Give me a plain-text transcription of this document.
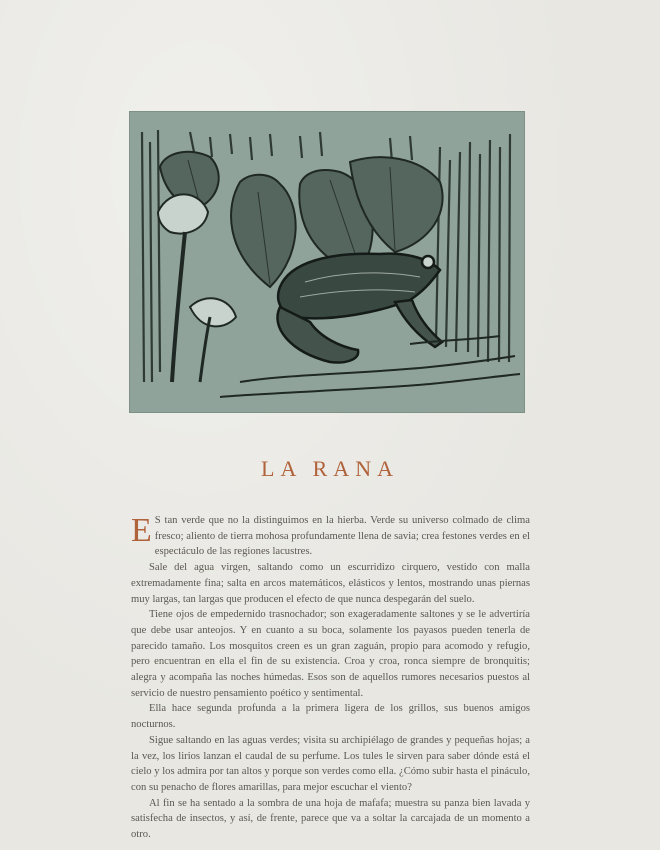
LA RANA

E S tan verde que no la distinguimos en la hierba. Verde su universo colmado de clima fresco; aliento de tierra mohosa profundamente llena de savia; crea festones verdes en el espectáculo de las regiones lacustres.

Sale del agua virgen, saltando como un escurridizo cirquero, vestido con malla extremadamente fina; salta en arcos matemáticos, elásticos y lentos, mostrando unas piernas muy largas, tan largas que producen el efecto de que nunca despegarán del suelo.

Tiene ojos de empedernido trasnochador; son exageradamente saltones y se le advertiría que debe usar anteojos. Y en cuanto a su boca, solamente los payasos pueden tenerla de parecido tamaño. Los mosquitos creen es un gran zaguán, propio para acomodo y refugio, pero encuentran en ella el fin de su existencia. Croa y croa, ronca siempre de bronquitis; alegra y acompaña las noches húmedas. Esos son de aquellos rumores necesarios puestos al servicio de nuestro pensamiento poético y sentimental.

Ella hace segunda profunda a la primera ligera de los grillos, sus buenos amigos nocturnos.

Sigue saltando en las aguas verdes; visita su archipiélago de grandes y pequeñas hojas; a la vez, los lirios lanzan el caudal de su perfume. Los tules le sirven para saber dónde está el cielo y los admira por tan altos y porque son verdes como ella. ¿Cómo subir hasta el pináculo, con su penacho de flores amarillas, para mejor escuchar el viento?

Al fin se ha sentado a la sombra de una hoja de mafafa; muestra su panza bien lavada y satisfecha de insectos, y así, de frente, parece que va a soltar la carcajada de un momento a otro.
